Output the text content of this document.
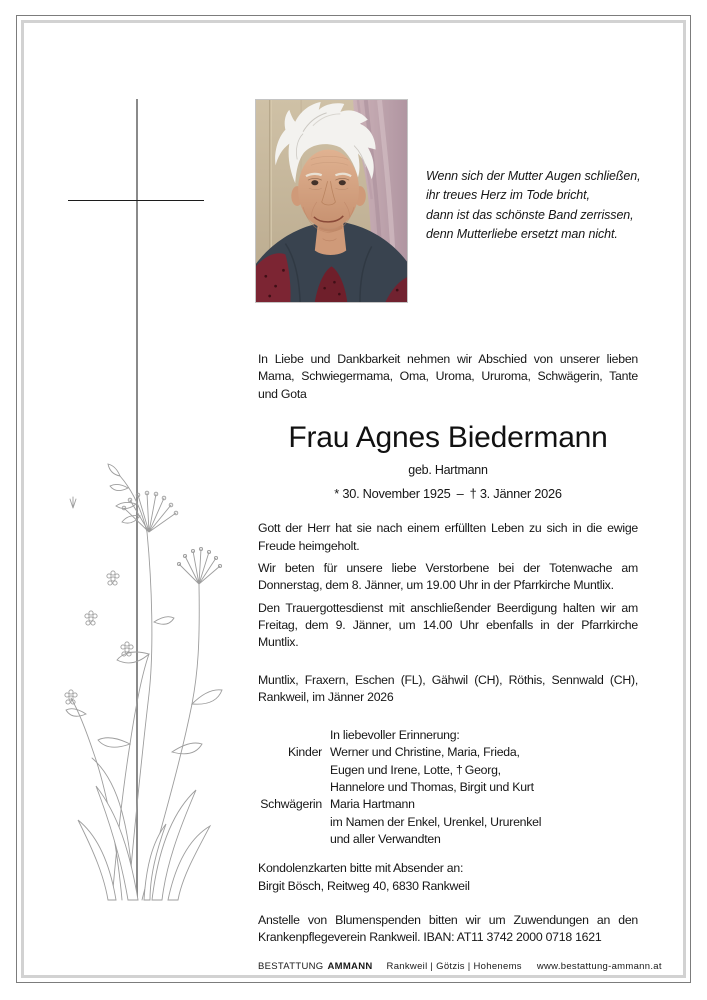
Wenn sich der Mutter Augen schließen,
ihr treues Herz im Tode bricht,
dann ist das schönste Band zerrissen,
denn Mutterliebe ersetzt man nicht.
In Liebe und Dankbarkeit nehmen wir Abschied von unserer lieben Mama, Schwiegermama, Oma, Uroma, Ururoma, Schwägerin, Tante und Gota
Frau Agnes Biedermann
geb. Hartmann
* 30. November 1925 – † 3. Jänner 2026
Gott der Herr hat sie nach einem erfüllten Leben zu sich in die ewige Freude heimgeholt.
Wir beten für unsere liebe Verstorbene bei der Totenwache am Donnerstag, dem 8. Jänner, um 19.00 Uhr in der Pfarrkirche Muntlix.
Den Trauergottesdienst mit anschließender Beerdigung halten wir am Freitag, dem 9. Jänner, um 14.00 Uhr ebenfalls in der Pfarrkirche Muntlix.
Muntlix, Fraxern, Eschen (FL), Gähwil (CH), Röthis, Sennwald (CH), Rankweil, im Jänner 2026
In liebevoller Erinnerung:
Kinder Werner und Christine, Maria, Frieda,
Eugen und Irene, Lotte, † Georg,
Hannelore und Thomas, Birgit und Kurt
Schwägerin Maria Hartmann
im Namen der Enkel, Urenkel, Ururenkel
und aller Verwandten
Kondolenzkarten bitte mit Absender an:
Birgit Bösch, Reitweg 40, 6830 Rankweil
Anstelle von Blumenspenden bitten wir um Zuwendungen an den Krankenpflegeverein Rankweil. IBAN: AT11 3742 2000 0718 1621
BESTATTUNG AMMANN Rankweil | Götzis | Hohenems www.bestattung-ammann.at
